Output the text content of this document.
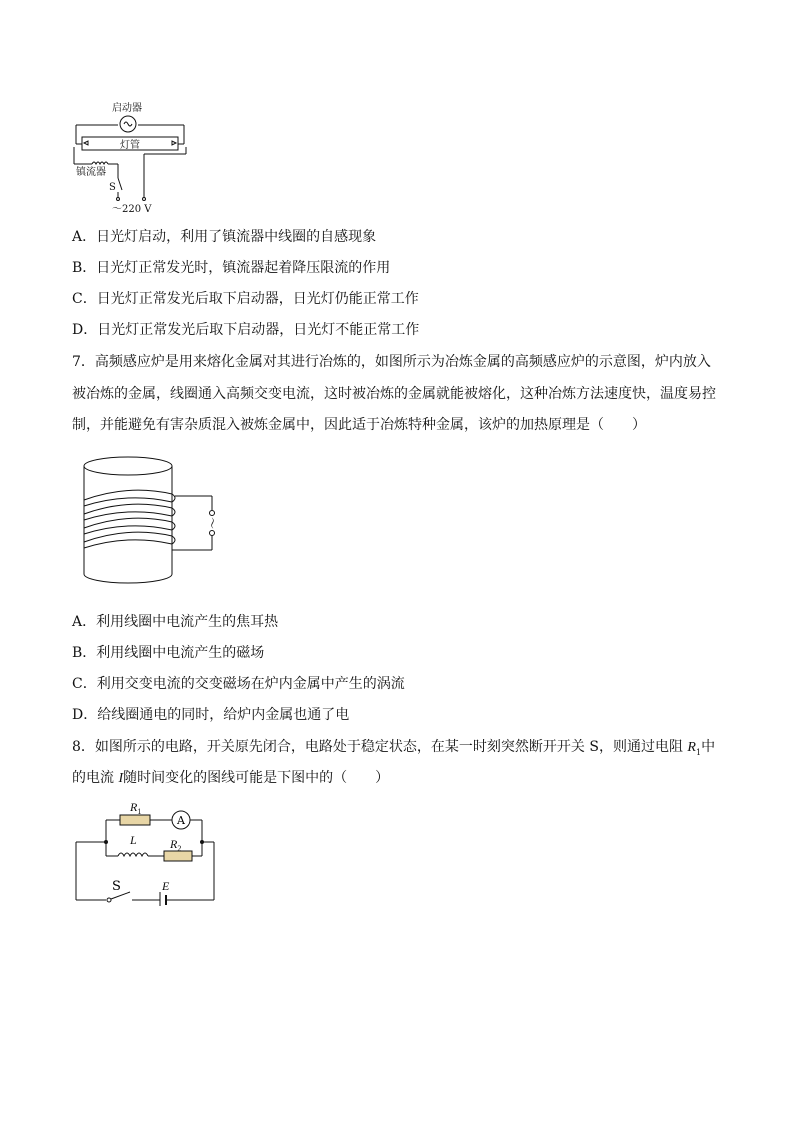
启动器
灯管
镇流器
S
～220 V
A．日光灯启动，利用了镇流器中线圈的自感现象
B．日光灯正常发光时，镇流器起着降压限流的作用
C．日光灯正常发光后取下启动器，日光灯仍能正常工作
D．日光灯正常发光后取下启动器，日光灯不能正常工作
7．高频感应炉是用来熔化金属对其进行冶炼的，如图所示为冶炼金属的高频感应炉的示意图，炉内放入
被冶炼的金属，线圈通入高频交变电流，这时被冶炼的金属就能被熔化，这种冶炼方法速度快，温度易控
制，并能避免有害杂质混入被炼金属中，因此适于冶炼特种金属，该炉的加热原理是（　　）
～
A．利用线圈中电流产生的焦耳热
B．利用线圈中电流产生的磁场
C．利用交变电流的交变磁场在炉内金属中产生的涡流
D．给线圈通电的同时，给炉内金属也通了电
8．如图所示的电路，开关原先闭合，电路处于稳定状态，在某一时刻突然断开开关 S，则通过电阻 $R_1$中
的电流 I随时间变化的图线可能是下图中的（　　）
$R_1$
A
L	$R_2$
S	E
